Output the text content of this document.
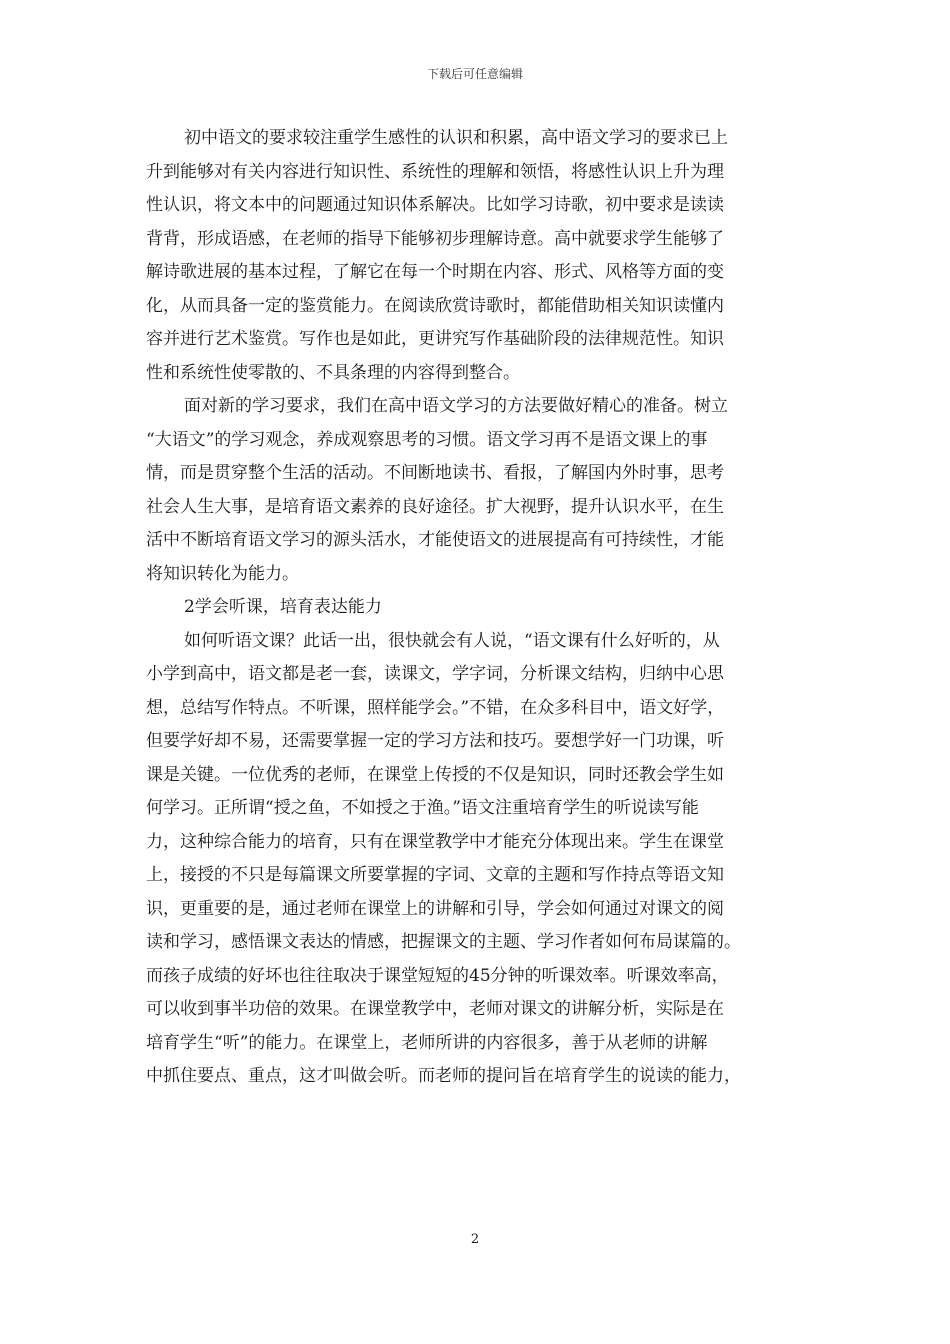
下载后可任意编辑
初中语文的要求较注重学生感性的认识和积累，高中语文学习的要求已上
升到能够对有关内容进行知识性、系统性的理解和领悟，将感性认识上升为理
性认识，将文本中的问题通过知识体系解决。比如学习诗歌，初中要求是读读
背背，形成语感，在老师的指导下能够初步理解诗意。高中就要求学生能够了
解诗歌进展的基本过程，了解它在每一个时期在内容、形式、风格等方面的变
化，从而具备一定的鉴赏能力。在阅读欣赏诗歌时，都能借助相关知识读懂内
容并进行艺术鉴赏。写作也是如此，更讲究写作基础阶段的法律规范性。知识
性和系统性使零散的、不具条理的内容得到整合。
面对新的学习要求，我们在高中语文学习的方法要做好精心的准备。树立
“大语文”的学习观念，养成观察思考的习惯。语文学习再不是语文课上的事
情，而是贯穿整个生活的活动。不间断地读书、看报，了解国内外时事，思考
社会人生大事，是培育语文素养的良好途径。扩大视野，提升认识水平，在生
活中不断培育语文学习的源头活水，才能使语文的进展提高有可持续性，才能
将知识转化为能力。
2学会听课，培育表达能力
如何听语文课？此话一出，很快就会有人说，“语文课有什么好听的，从
小学到高中，语文都是老一套，读课文，学字词，分析课文结构，归纳中心思
想，总结写作特点。不听课，照样能学会。”不错，在众多科目中，语文好学，
但要学好却不易，还需要掌握一定的学习方法和技巧。要想学好一门功课，听
课是关键。一位优秀的老师，在课堂上传授的不仅是知识，同时还教会学生如
何学习。正所谓“授之鱼，不如授之于渔。”语文注重培育学生的听说读写能
力，这种综合能力的培育，只有在课堂教学中才能充分体现出来。学生在课堂
上，接授的不只是每篇课文所要掌握的字词、文章的主题和写作持点等语文知
识，更重要的是，通过老师在课堂上的讲解和引导，学会如何通过对课文的阅
读和学习，感悟课文表达的情感，把握课文的主题、学习作者如何布局谋篇的。
而孩子成绩的好坏也往往取决于课堂短短的45分钟的听课效率。听课效率高，
可以收到事半功倍的效果。在课堂教学中，老师对课文的讲解分析，实际是在
培育学生“听”的能力。在课堂上，老师所讲的内容很多，善于从老师的讲解
中抓住要点、重点，这才叫做会听。而老师的提问旨在培育学生的说读的能力，
2
